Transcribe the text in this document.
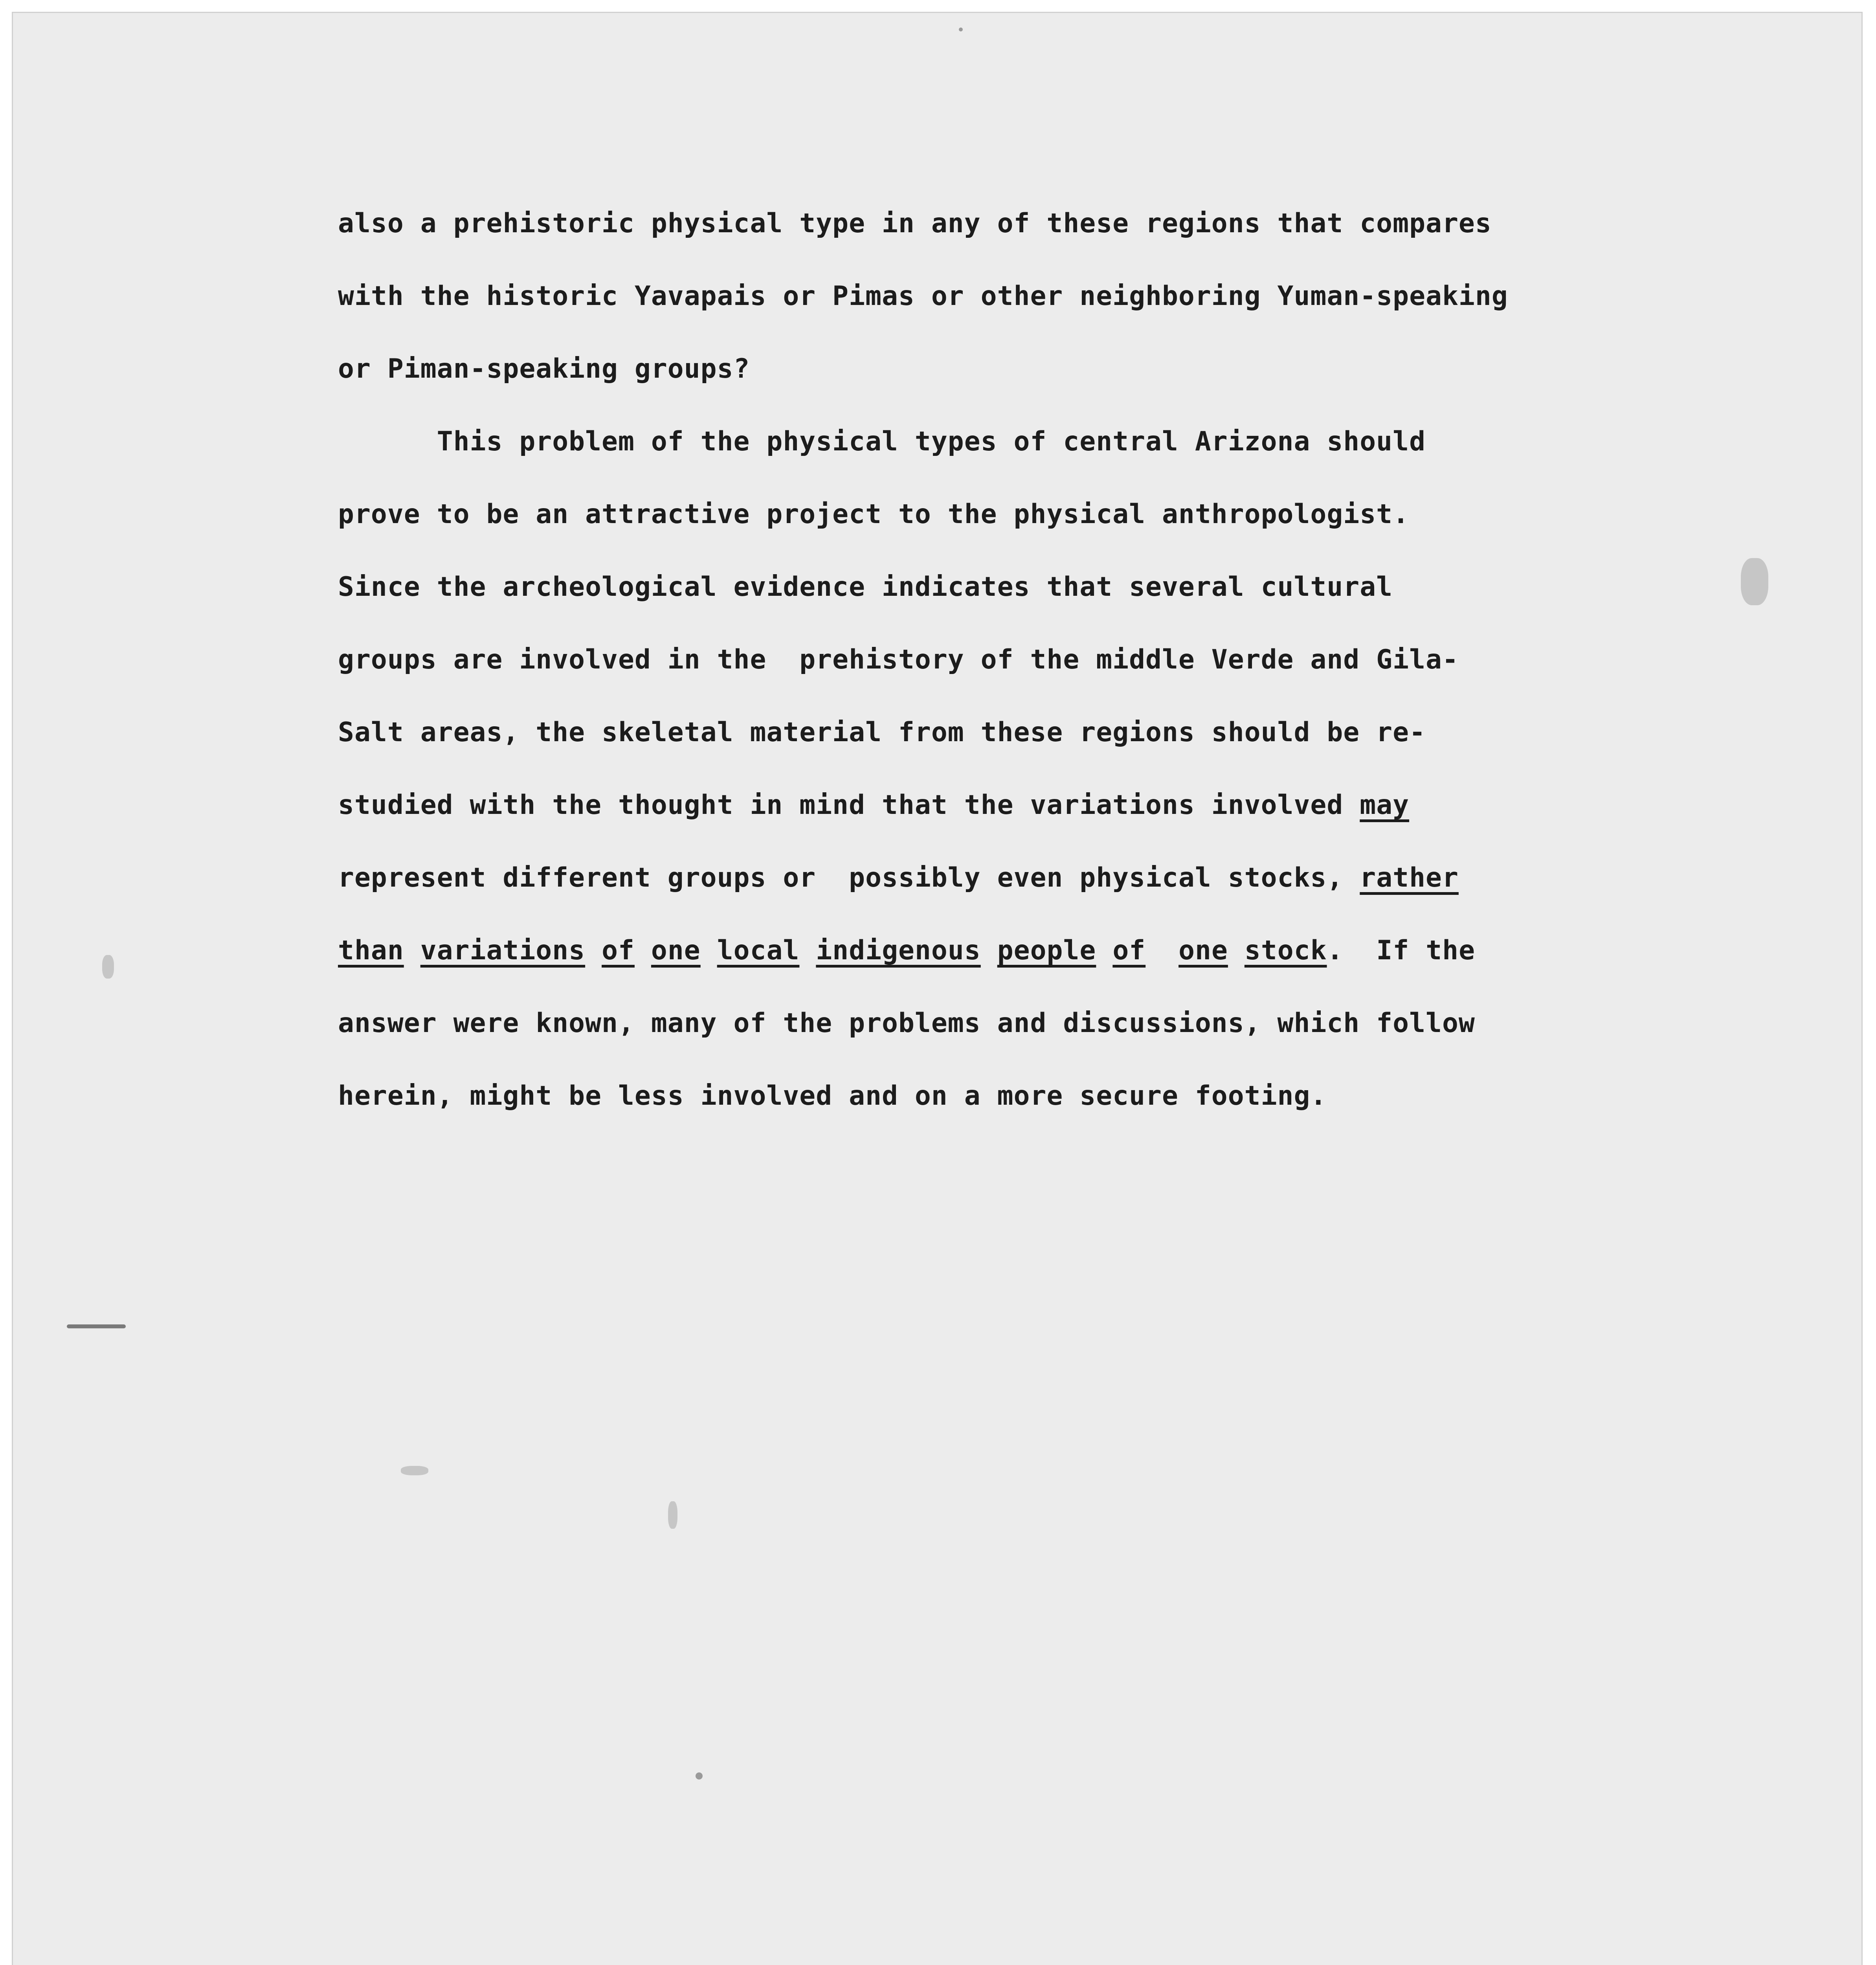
also a prehistoric physical type in any of these regions that compares
with the historic Yavapais or Pimas or other neighboring Yuman-speaking
or Piman-speaking groups?
This problem of the physical types of central Arizona should
prove to be an attractive project to the physical anthropologist.
Since the archeological evidence indicates that several cultural
groups are involved in the  prehistory of the middle Verde and Gila-
Salt areas, the skeletal material from these regions should be re-
studied with the thought in mind that the variations involved may
represent different groups or  possibly even physical stocks, rather
than variations of one local indigenous people of one stock.  If the
answer were known, many of the problems and discussions, which follow
herein, might be less involved and on a more secure footing.
